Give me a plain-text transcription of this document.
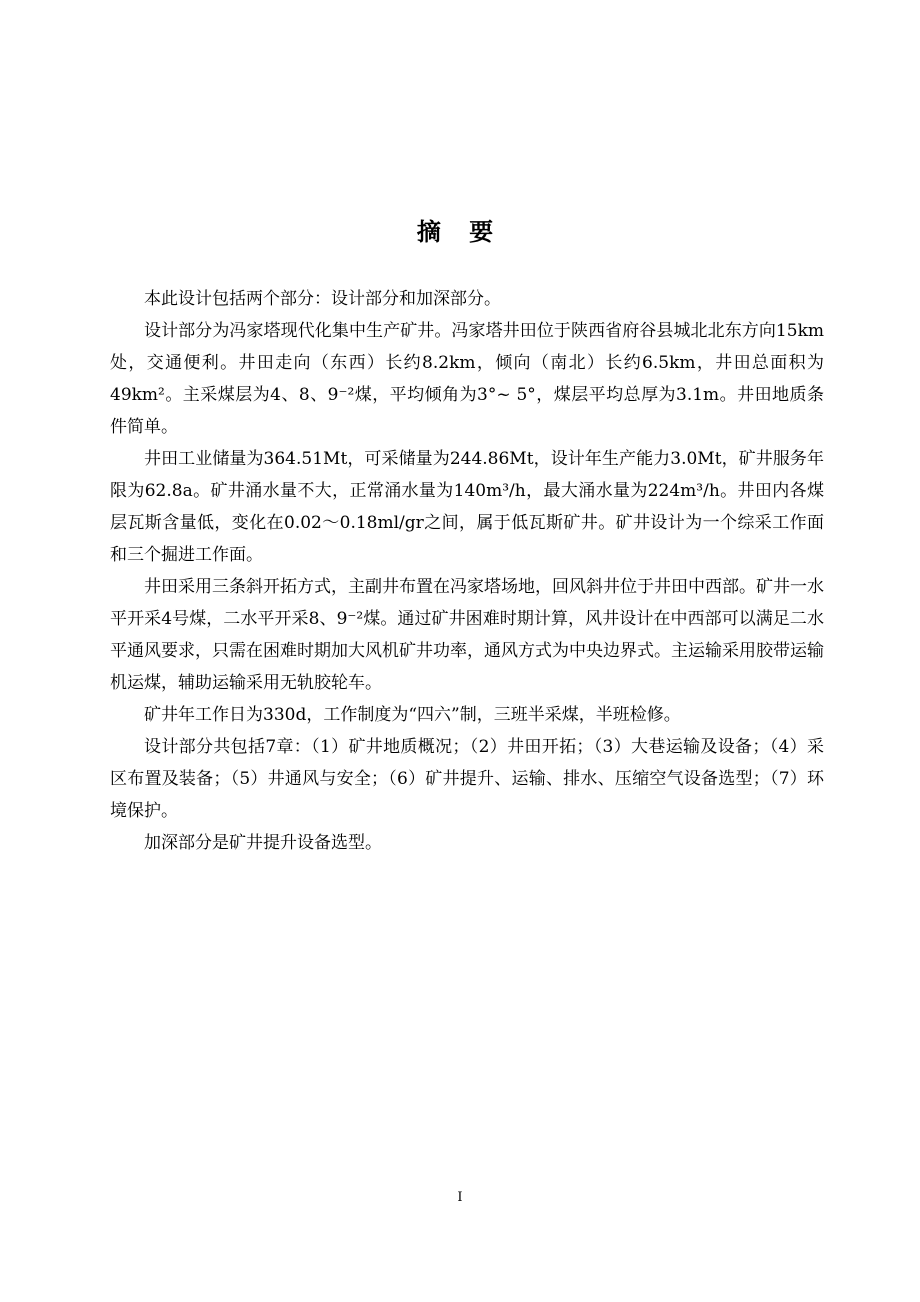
摘 要

本此设计包括两个部分：设计部分和加深部分。

设计部分为冯家塔现代化集中生产矿井。冯家塔井田位于陕西省府谷县城北北东方向15km处，交通便利。井田走向（东西）长约8.2km，倾向（南北）长约6.5km，井田总面积为49km²。主采煤层为4、8、9⁻²煤，平均倾角为3°~ 5°，煤层平均总厚为3.1m。井田地质条件简单。

井田工业储量为364.51Mt，可采储量为244.86Mt，设计年生产能力3.0Mt，矿井服务年限为62.8a。矿井涌水量不大，正常涌水量为140m³/h，最大涌水量为224m³/h。井田内各煤层瓦斯含量低，变化在0.02～0.18ml/gr之间，属于低瓦斯矿井。矿井设计为一个综采工作面和三个掘进工作面。

井田采用三条斜开拓方式，主副井布置在冯家塔场地，回风斜井位于井田中西部。矿井一水平开采4号煤，二水平开采8、9⁻²煤。通过矿井困难时期计算，风井设计在中西部可以满足二水平通风要求，只需在困难时期加大风机矿井功率，通风方式为中央边界式。主运输采用胶带运输机运煤，辅助运输采用无轨胶轮车。

矿井年工作日为330d，工作制度为“四六”制，三班半采煤，半班检修。

设计部分共包括7章：（1）矿井地质概况；（2）井田开拓；（3）大巷运输及设备；（4）采区布置及装备；（5）井通风与安全；（6）矿井提升、运输、排水、压缩空气设备选型；（7）环境保护。

加深部分是矿井提升设备选型。

I
